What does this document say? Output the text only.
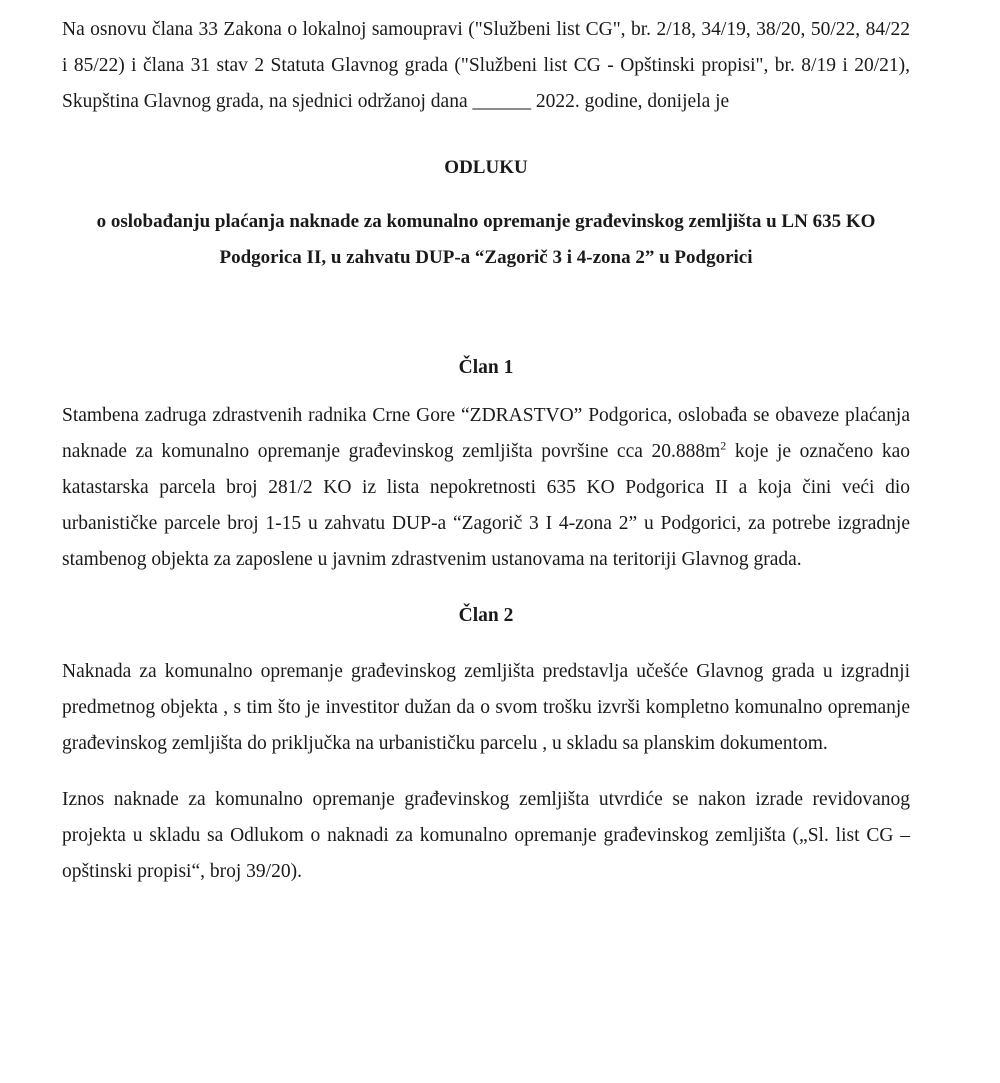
Na osnovu člana 33 Zakona o lokalnoj samoupravi ("Službeni list CG", br. 2/18, 34/19, 38/20, 50/22, 84/22 i 85/22) i člana 31 stav 2 Statuta Glavnog grada ("Službeni list CG - Opštinski propisi", br. 8/19 i 20/21), Skupština Glavnog grada, na sjednici održanoj dana ______ 2022. godine, donijela je

ODLUKU
o oslobađanju plaćanja naknade za komunalno opremanje građevinskog zemljišta u LN 635 KO Podgorica II, u zahvatu DUP-a “Zagorič 3 i 4-zona 2” u Podgorici
Član 1

Stambena zadruga zdrastvenih radnika Crne Gore “ZDRASTVO” Podgorica, oslobađa se obaveze plaćanja naknade za komunalno opremanje građevinskog zemljišta površine cca $20.888m^2$ koje je označeno kao katastarska parcela broj 281/2 KO iz lista nepokretnosti 635 KO Podgorica II a koja čini veći dio urbanističke parcele broj 1-15 u zahvatu DUP-a “Zagorič 3 I 4-zona 2” u Podgorici, za potrebe izgradnje stambenog objekta za zaposlene u javnim zdrastvenim ustanovama na teritoriji Glavnog grada.

Član 2

Naknada za komunalno opremanje građevinskog zemljišta predstavlja učešće Glavnog grada u izgradnji predmetnog objekta , s tim što je investitor dužan da o svom trošku izvrši kompletno komunalno opremanje građevinskog zemljišta do priključka na urbanističku parcelu , u skladu sa planskim dokumentom.

Iznos naknade za komunalno opremanje građevinskog zemljišta utvrdiće se nakon izrade revidovanog projekta u skladu sa Odlukom o naknadi za komunalno opremanje građevinskog zemljišta („Sl. list CG – opštinski propisi“, broj 39/20).
